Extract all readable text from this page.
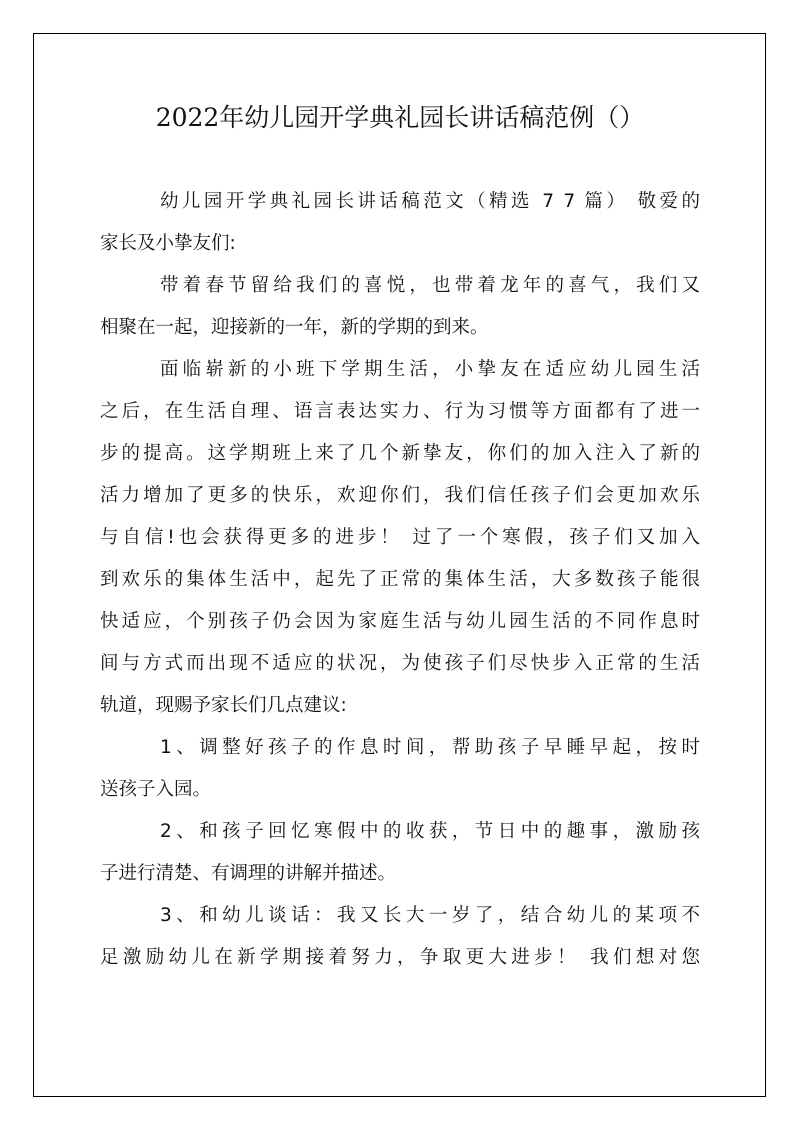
2022年幼儿园开学典礼园长讲话稿范例（）
幼儿园开学典礼园长讲话稿范文（精选 7 7 篇） 敬爱的
家长及小挚友们:
带着春节留给我们的喜悦，也带着龙年的喜气，我们又
相聚在一起，迎接新的一年，新的学期的到来。
面临崭新的小班下学期生活，小挚友在适应幼儿园生活
之后，在生活自理、语言表达实力、行为习惯等方面都有了进一
步的提高。这学期班上来了几个新挚友，你们的加入注入了新的
活力增加了更多的快乐，欢迎你们，我们信任孩子们会更加欢乐
与自信!也会获得更多的进步！ 过了一个寒假，孩子们又加入
到欢乐的集体生活中，起先了正常的集体生活，大多数孩子能很
快适应，个别孩子仍会因为家庭生活与幼儿园生活的不同作息时
间与方式而出现不适应的状况，为使孩子们尽快步入正常的生活
轨道，现赐予家长们几点建议:
1、调整好孩子的作息时间，帮助孩子早睡早起，按时
送孩子入园。
2、和孩子回忆寒假中的收获，节日中的趣事，激励孩
子进行清楚、有调理的讲解并描述。
3、和幼儿谈话：我又长大一岁了，结合幼儿的某项不
足激励幼儿在新学期接着努力，争取更大进步！ 我们想对您
